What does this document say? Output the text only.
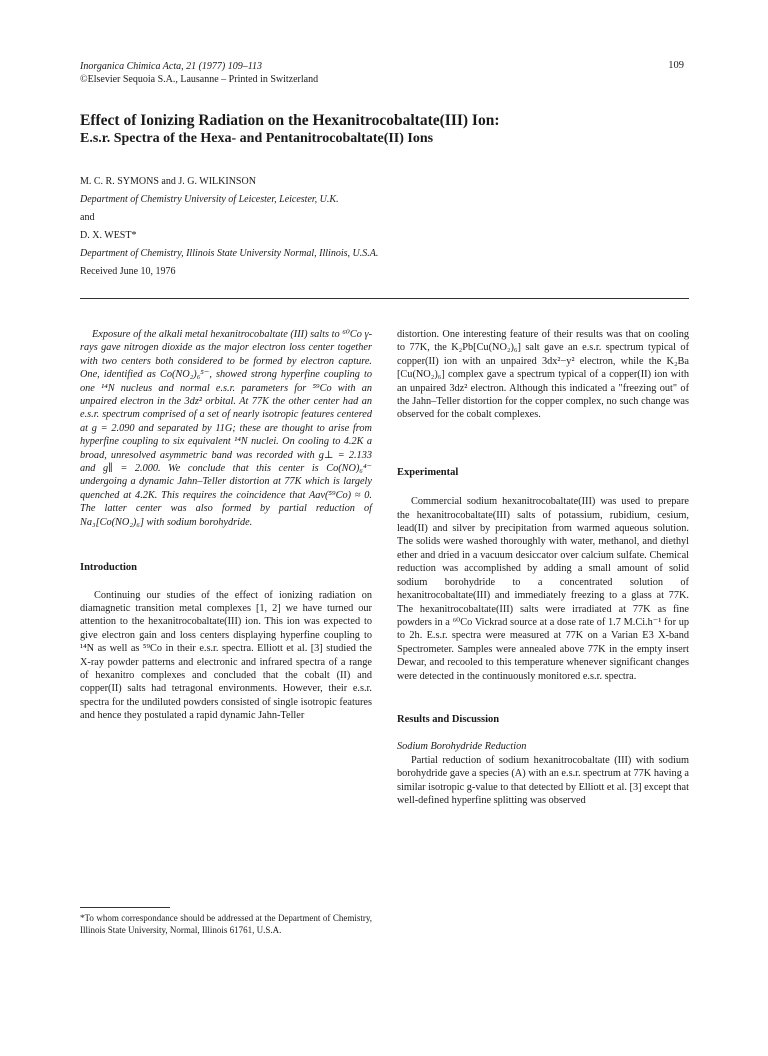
Inorganica Chimica Acta, 21 (1977) 109–113
©Elsevier Sequoia S.A., Lausanne – Printed in Switzerland
109
Effect of Ionizing Radiation on the Hexanitrocobaltate(III) Ion:
E.s.r. Spectra of the Hexa- and Pentanitrocobaltate(II) Ions
M. C. R. SYMONS and J. G. WILKINSON
Department of Chemistry University of Leicester, Leicester, U.K.
and
D. X. WEST*
Department of Chemistry, Illinois State University Normal, Illinois, U.S.A.
Received June 10, 1976

Exposure of the alkali metal hexanitrocobaltate (III) salts to ⁶⁰Co γ-rays gave nitrogen dioxide as the major electron loss center together with two centers both considered to be formed by electron capture. One, identified as Co(NO₂)₆⁵⁻, showed strong hyperfine coupling to one ¹⁴N nucleus and normal e.s.r. parameters for ⁵⁹Co with an unpaired electron in the 3dz² orbital. At 77K the other center had an e.s.r. spectrum comprised of a set of nearly isotropic features centered at g = 2.090 and separated by 11G; these are thought to arise from hyperfine coupling to six equivalent ¹⁴N nuclei. On cooling to 4.2K a broad, unresolved asymmetric band was recorded with g⊥ = 2.133 and g∥ = 2.000. We conclude that this center is Co(NO)₆⁴⁻ undergoing a dynamic Jahn–Teller distortion at 77K which is largely quenched at 4.2K. This requires the coincidence that Aav(⁵⁹Co) ≈ 0. The latter center was also formed by partial reduction of Na₃[Co(NO₂)₆] with sodium borohydride.

Introduction

Continuing our studies of the effect of ionizing radiation on diamagnetic transition metal complexes [1, 2] we have turned our attention to the hexanitrocobaltate(III) ion. This ion was expected to give electron gain and loss centers displaying hyperfine coupling to ¹⁴N as well as ⁵⁹Co in their e.s.r. spectra. Elliott et al. [3] studied the X-ray powder patterns and electronic and infrared spectra of a range of hexanitro complexes and concluded that the cobalt (II) and copper(II) salts had tetragonal environments. However, their e.s.r. spectra for the undiluted powders consisted of single isotropic features and hence they postulated a rapid dynamic Jahn-Teller

*To whom correspondance should be addressed at the Department of Chemistry, Illinois State University, Normal, Illinois 61761, U.S.A.

distortion. One interesting feature of their results was that on cooling to 77K, the K₂Pb[Cu(NO₂)₆] salt gave an e.s.r. spectrum typical of copper(II) ion with an unpaired 3dx²−y² electron, while the K₂Ba [Cu(NO₂)₆] complex gave a spectrum typical of a copper(II) ion with an unpaired 3dz² electron. Although this indicated a "freezing out" of the Jahn–Teller distortion for the copper complex, no such change was observed for the cobalt complexes.

Experimental

Commercial sodium hexanitrocobaltate(III) was used to prepare the hexanitrocobaltate(III) salts of potassium, rubidium, cesium, lead(II) and silver by precipitation from warmed aqueous solution. The solids were washed thoroughly with water, methanol, and diethyl ether and dried in a vacuum desiccator over calcium sulfate. Chemical reduction was accomplished by adding a small amount of solid sodium borohydride to a concentrated solution of hexanitrocobaltate(III) and immediately freezing to a glass at 77K. The hexanitrocobaltate(III) salts were irradiated at 77K as fine powders in a ⁶⁰Co Vickrad source at a dose rate of 1.7 M.Ci.h⁻¹ for up to 2h. E.s.r. spectra were measured at 77K on a Varian E3 X-band Spectrometer. Samples were annealed above 77K in the empty insert Dewar, and recooled to this temperature whenever significant changes were detected in the continuously monitored e.s.r. spectra.

Results and Discussion

Sodium Borohydride Reduction

Partial reduction of sodium hexanitrocobaltate (III) with sodium borohydride gave a species (A) with an e.s.r. spectrum at 77K having a similar isotropic g-value to that detected by Elliott et al. [3] except that well-defined hyperfine splitting was observed
